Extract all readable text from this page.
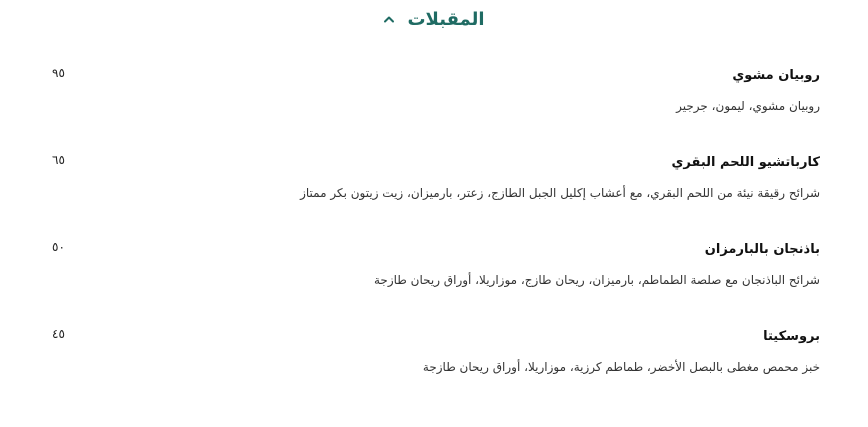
المقبلات
روبيان مشوي
٩٥
روبيان مشوي، ليمون، جرجير
كارباتشيو اللحم البقري
٦٥
شرائح رقيقة نيئة من اللحم البقري، مع أعشاب إكليل الجبل الطازج، زعتر، بارميزان، زيت زيتون بكر ممتاز
باذنجان بالبارمزان
٥٠
شرائح الباذنجان مع صلصة الطماطم، بارميزان، ريحان طازج، موزاريلا، أوراق ريحان طازجة
بروسكيتا
٤٥
خبز محمص مغطى بالبصل الأخضر، طماطم كرزية، موزاريلا، أوراق ريحان طازجة
